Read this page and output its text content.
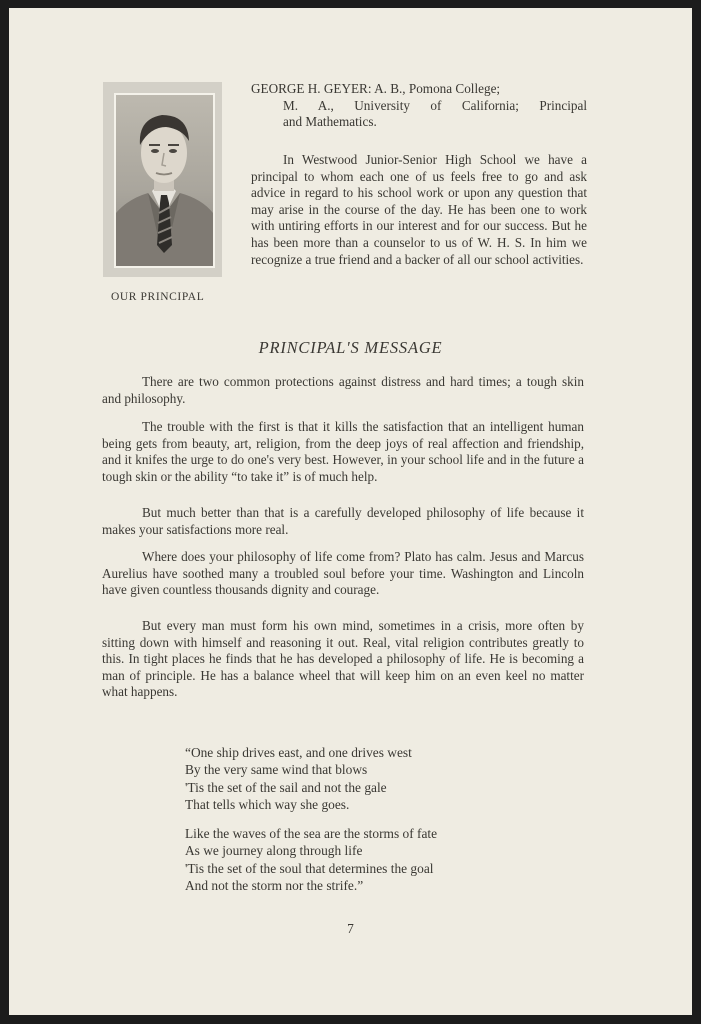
OUR PRINCIPAL
GEORGE H. GEYER: A. B., Pomona College;
M. A., University of California; Principal
and Mathematics.
In Westwood Junior-Senior High School we have a principal to whom each one of us feels free to go and ask advice in regard to his school work or upon any question that may arise in the course of the day. He has been one to work with untiring efforts in our interest and for our success. But he has been more than a counselor to us of W. H. S. In him we recognize a true friend and a backer of all our school activities.
PRINCIPAL'S MESSAGE

There are two common protections against distress and hard times; a tough skin and philosophy.

The trouble with the first is that it kills the satisfaction that an intelligent human being gets from beauty, art, religion, from the deep joys of real affection and friendship, and it knifes the urge to do one's very best. However, in your school life and in the future a tough skin or the ability “to take it” is of much help.

But much better than that is a carefully developed philosophy of life because it makes your satisfactions more real.

Where does your philosophy of life come from? Plato has calm. Jesus and Marcus Aurelius have soothed many a troubled soul before your time. Washington and Lincoln have given countless thousands dignity and courage.

But every man must form his own mind, sometimes in a crisis, more often by sitting down with himself and reasoning it out. Real, vital religion contributes greatly to this. In tight places he finds that he has developed a philosophy of life. He is becoming a man of principle. He has a balance wheel that will keep him on an even keel no matter what happens.

“One ship drives east, and one drives west
By the very same wind that blows
'Tis the set of the sail and not the gale
That tells which way she goes.
Like the waves of the sea are the storms of fate
As we journey along through life
'Tis the set of the soul that determines the goal
And not the storm nor the strife.”
7
